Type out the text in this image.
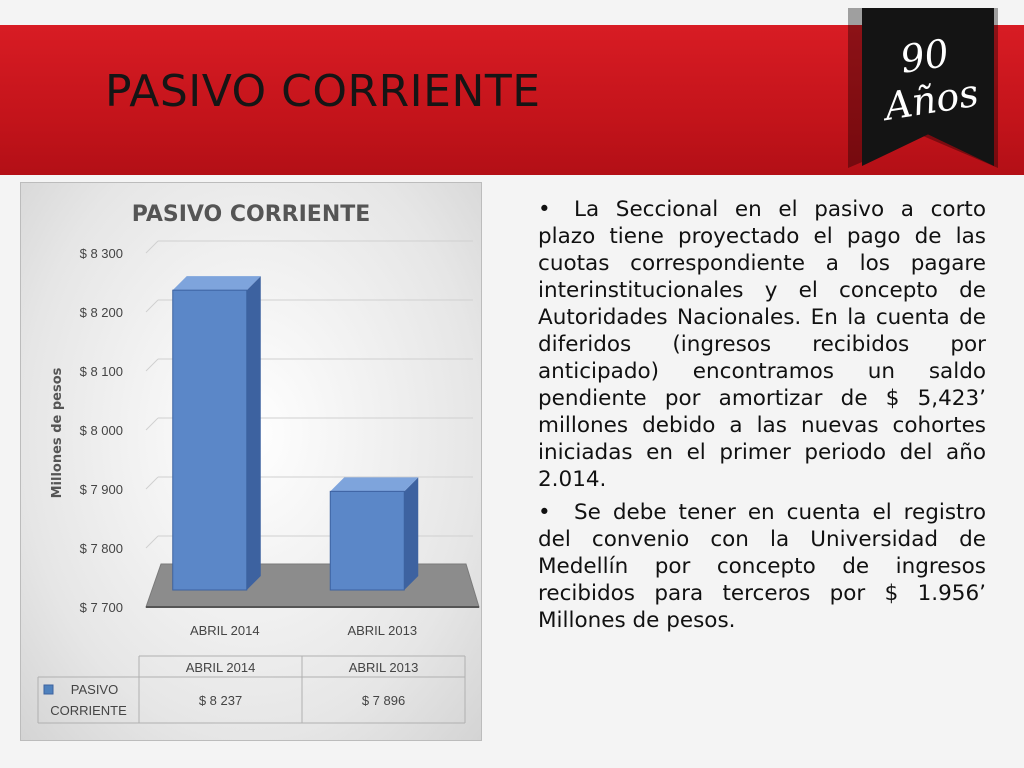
PASIVO CORRIENTE
90 Años
$ 7 700
$ 7 800
$ 7 900
$ 8 000
$ 8 100
$ 8 200
$ 8 300
ABRIL 2014	ABRIL 2013
PASIVO CORRIENTE
Millones de pesos
ABRIL 2014
$ 8 237
ABRIL 2013
$ 7 896
PASIVO
CORRIENTE

• La Seccional en el pasivo a corto plazo tiene proyectado el pago de las cuotas correspondiente a los pagare interinstitucionales y el concepto de Autoridades Nacionales. En la cuenta de diferidos (ingresos recibidos por anticipado) encontramos un saldo pendiente por amortizar de $ 5,423’ millones debido a las nuevas cohortes iniciadas en el primer periodo del año 2.014.

• Se debe tener en cuenta el registro del convenio con la Universidad de Medellín por concepto de ingresos recibidos para terceros por $ 1.956’ Millones de pesos.
